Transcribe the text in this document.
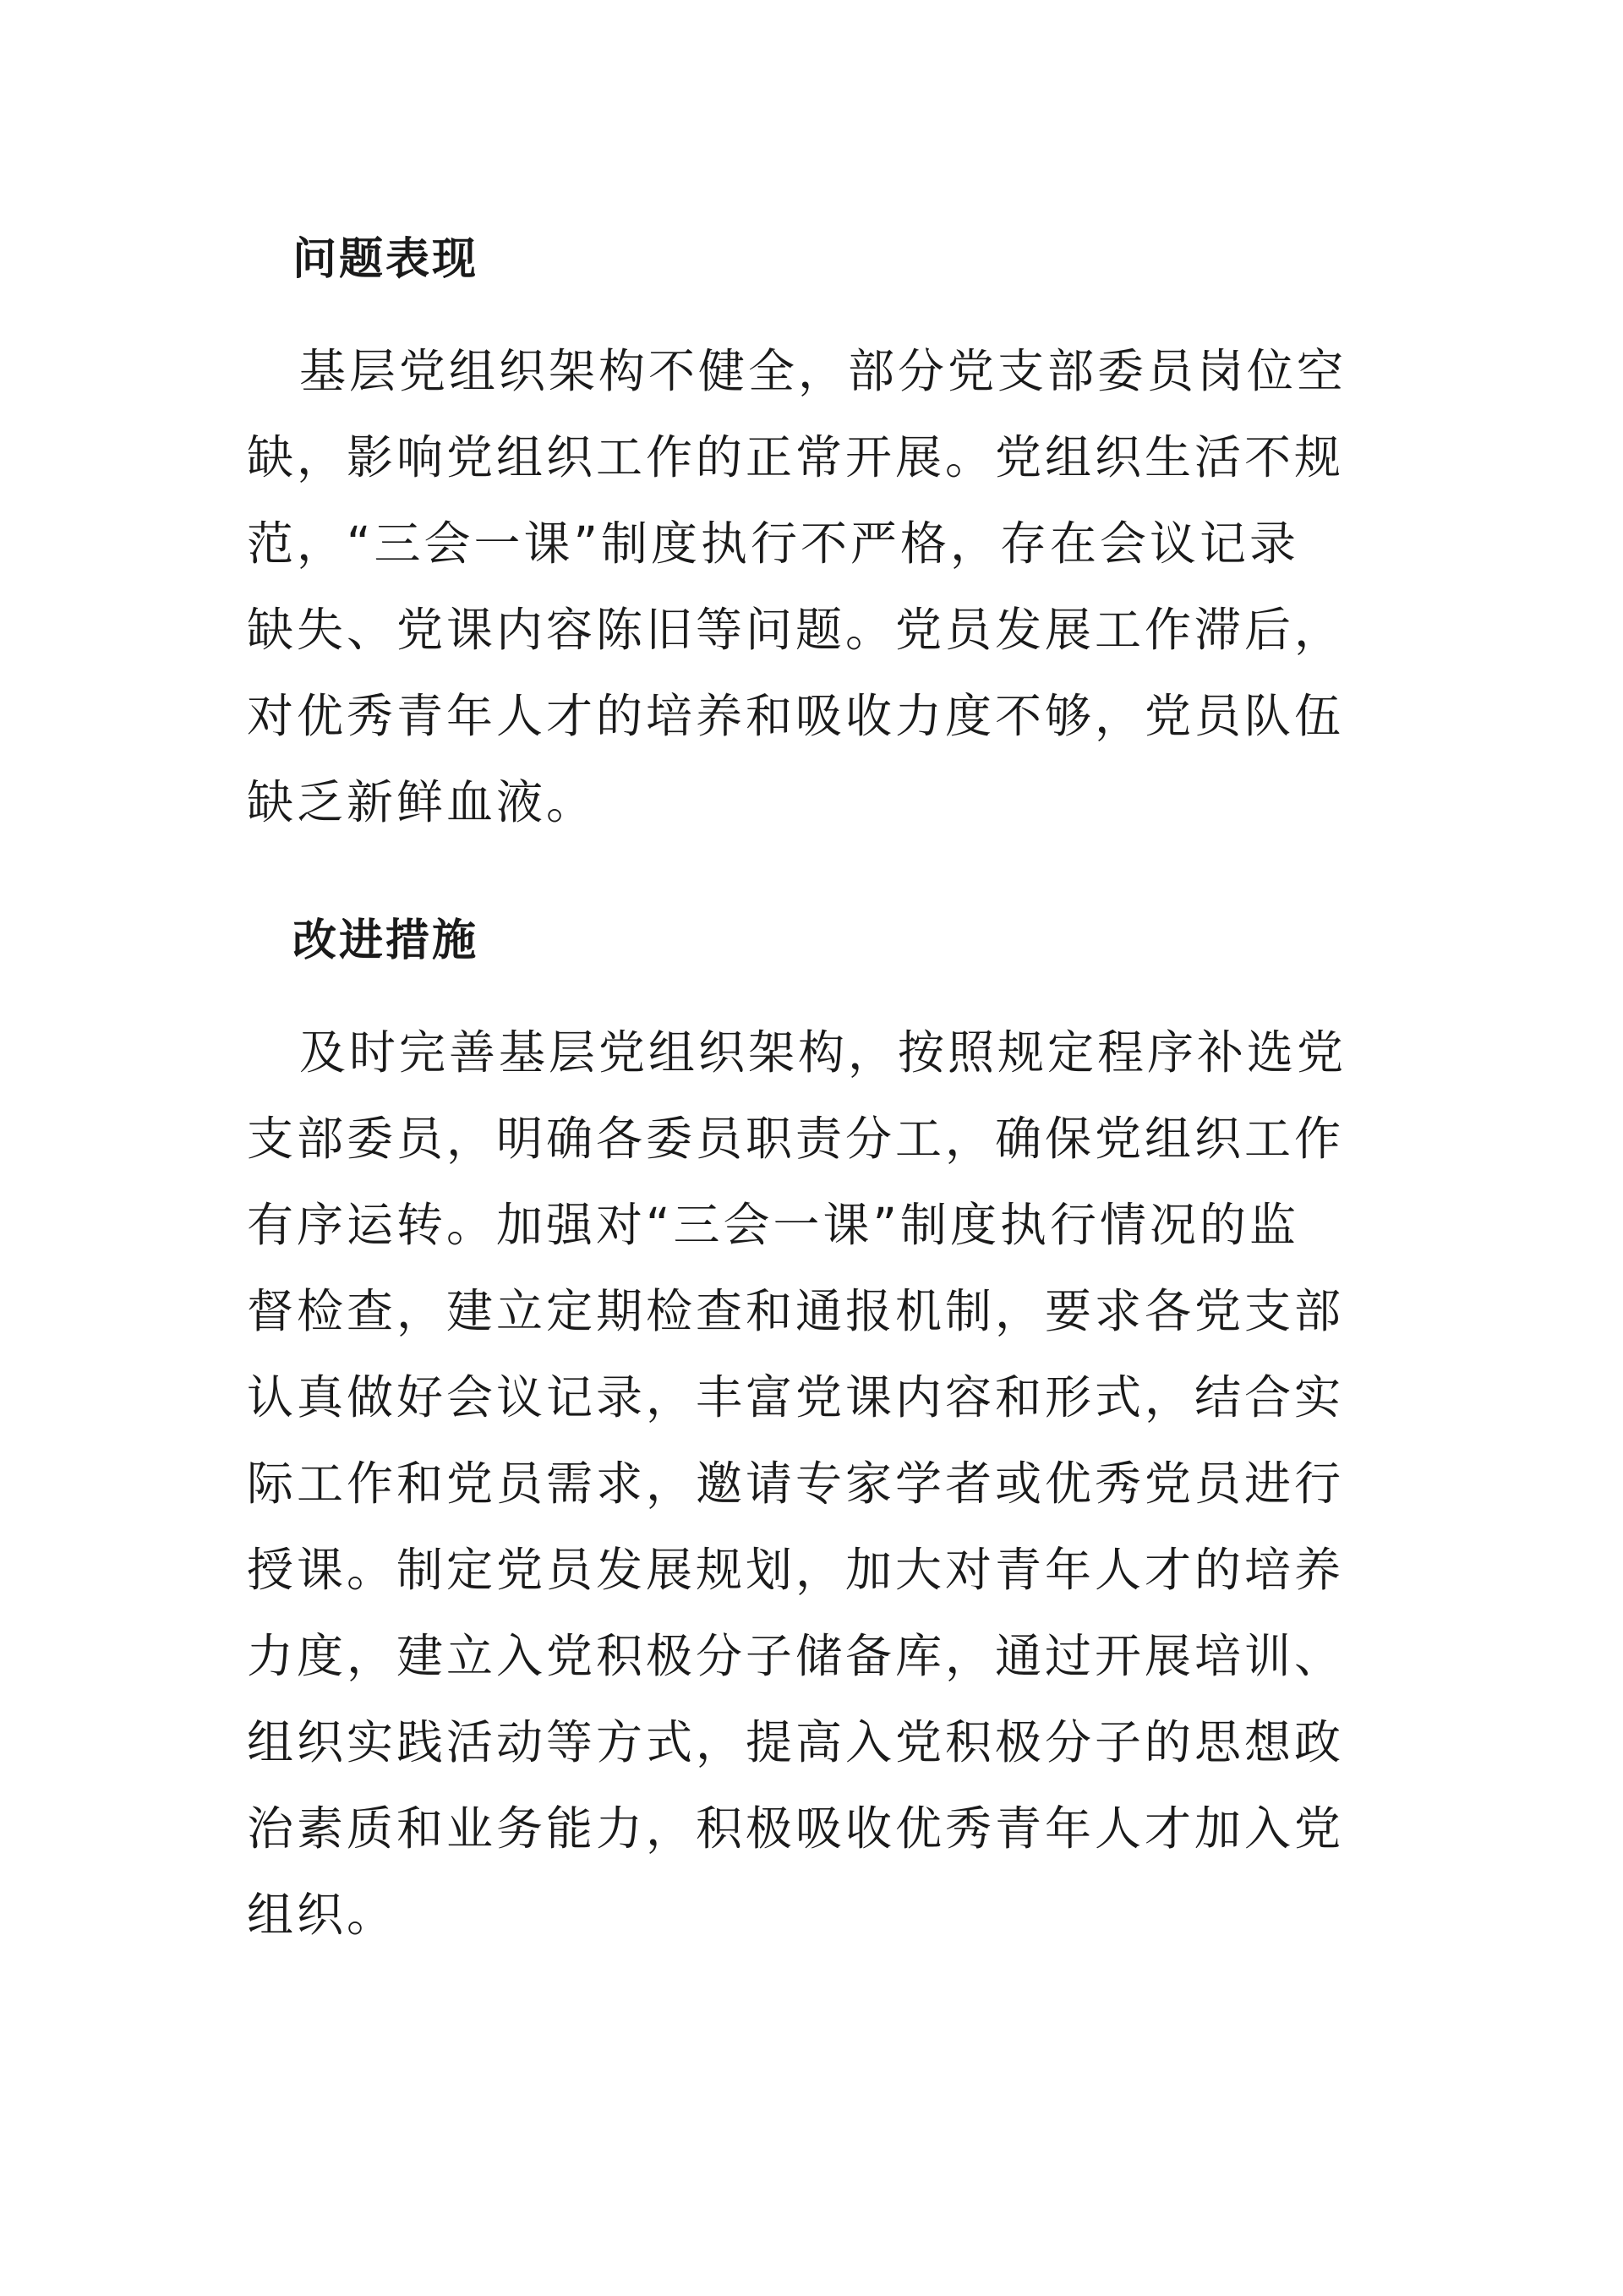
问题表现
基层党组织架构不健全，部分党支部委员岗位空
缺，影响党组织工作的正常开展。党组织生活不规
范，“三会一课”制度执行不严格，存在会议记录
缺失、党课内容陈旧等问题。党员发展工作滞后，
对优秀青年人才的培养和吸收力度不够，党员队伍
缺乏新鲜血液。
改进措施
及时完善基层党组织架构，按照规定程序补选党
支部委员，明确各委员职责分工，确保党组织工作
有序运转。加强对“三会一课”制度执行情况的监
督检查，建立定期检查和通报机制，要求各党支部
认真做好会议记录，丰富党课内容和形式，结合实
际工作和党员需求，邀请专家学者或优秀党员进行
授课。制定党员发展规划，加大对青年人才的培养
力度，建立入党积极分子储备库，通过开展培训、
组织实践活动等方式，提高入党积极分子的思想政
治素质和业务能力，积极吸收优秀青年人才加入党
组织。
